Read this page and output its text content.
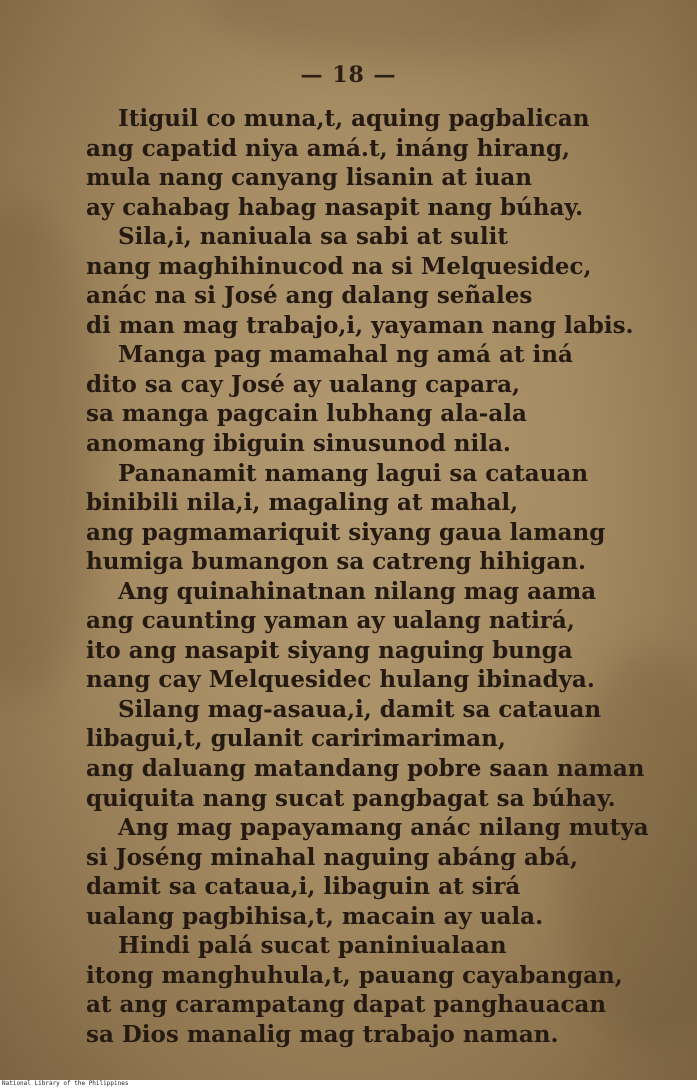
— 18 —
Itiguil co muna,t, aquing pagbalican
ang capatid niya amá.t, ináng hirang,
mula nang canyang lisanin at iuan
ay cahabag habag nasapit nang búhay.
Sila,i, naniuala sa sabi at sulit
nang maghihinucod na si Melquesidec,
anác na si José ang dalang señales
di man mag trabajo,i, yayaman nang labis.
Manga pag mamahal ng amá at iná
dito sa cay José ay ualang capara,
sa manga pagcain lubhang ala-ala
anomang ibiguin sinusunod nila.
Pananamit namang lagui sa catauan
binibili nila,i, magaling at mahal,
ang pagmamariquit siyang gaua lamang
humiga bumangon sa catreng hihigan.
Ang quinahinatnan nilang mag aama
ang caunting yaman ay ualang natirá,
ito ang nasapit siyang naguing bunga
nang cay Melquesidec hulang ibinadya.
Silang mag-asaua,i, damit sa catauan
libagui,t, gulanit caririmariman,
ang daluang matandang pobre saan naman
quiquita nang sucat pangbagat sa búhay.
Ang mag papayamang anác nilang mutya
si Joséng minahal naguing abáng abá,
damit sa cataua,i, libaguin at sirá
ualang pagbihisa,t, macain ay uala.
Hindi palá sucat paniniualaan
itong manghuhula,t, pauang cayabangan,
at ang carampatang dapat panghauacan
sa Dios manalig mag trabajo naman.
National Library of the Philippines
